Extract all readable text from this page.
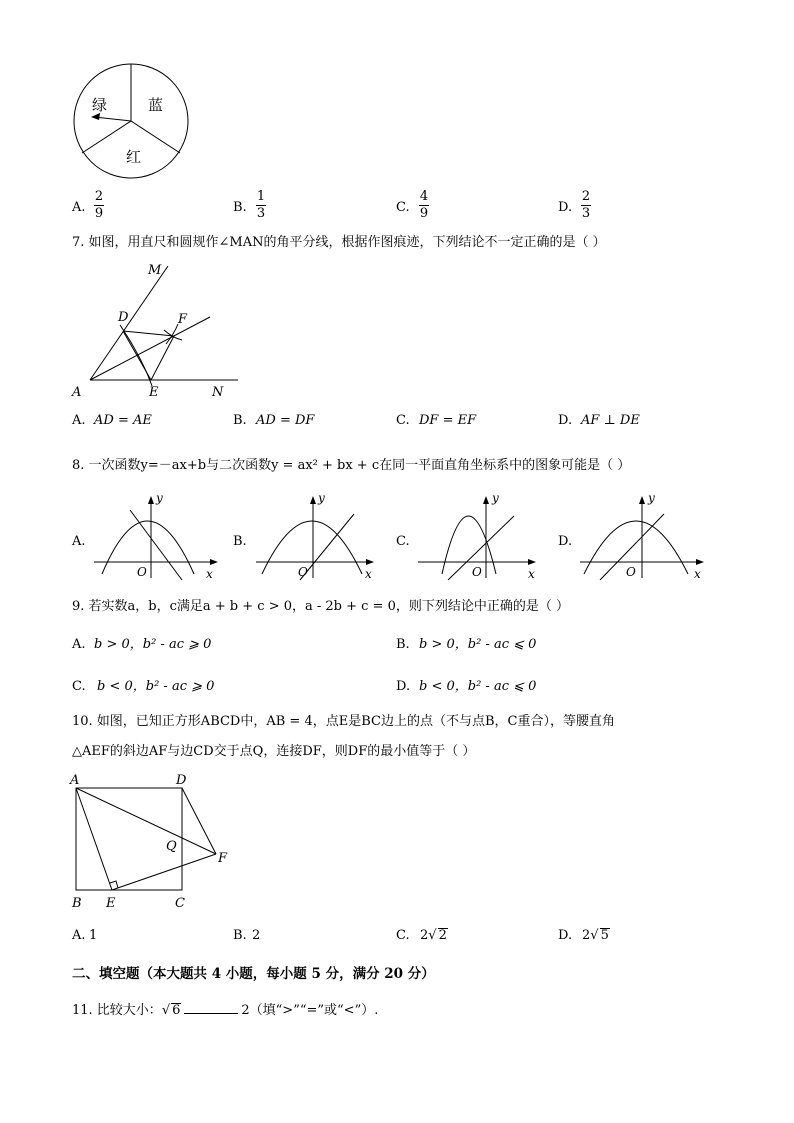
绿	蓝
红
A.
2
9	B.
1
3	C.
4
9	D.
2
3
7. 如图，用直尺和圆规作∠MAN的角平分线，根据作图痕迹，下列结论不一定正确的是（ ）
M
D	F
A	E	N
A. AD = AE	B. AD = DF	C. DF = EF	D. AF ⊥ DE
8. 一次函数y=－ax+b与二次函数y = ax² + bx + c在同一平面直角坐标系中的图象可能是（ ）
A.
y
x
O
B.
y
x
O
C.
y
x
O
D.
y
x
O
9. 若实数a，b，c满足a + b + c > 0，a - 2b + c = 0，则下列结论中正确的是（ ）
A. b > 0，b² - ac ⩾ 0	B. b > 0，b² - ac ⩽ 0
C. b < 0，b² - ac ⩾ 0	D. b < 0，b² - ac ⩽ 0
10. 如图，已知正方形ABCD中，AB = 4，点E是BC边上的点（不与点B，C重合），等腰直角
△AEF的斜边AF与边CD交于点Q，连接DF，则DF的最小值等于（ ）
A	D
Q
F
B E	C
A. 1	B. 2	C. 2√ 2	D. 2√ 5
二、填空题（本大题共 4 小题，每小题 5 分，满分 20 分）
11. 比较大小：√ 6	2（填“>”“=”或“<”）.
